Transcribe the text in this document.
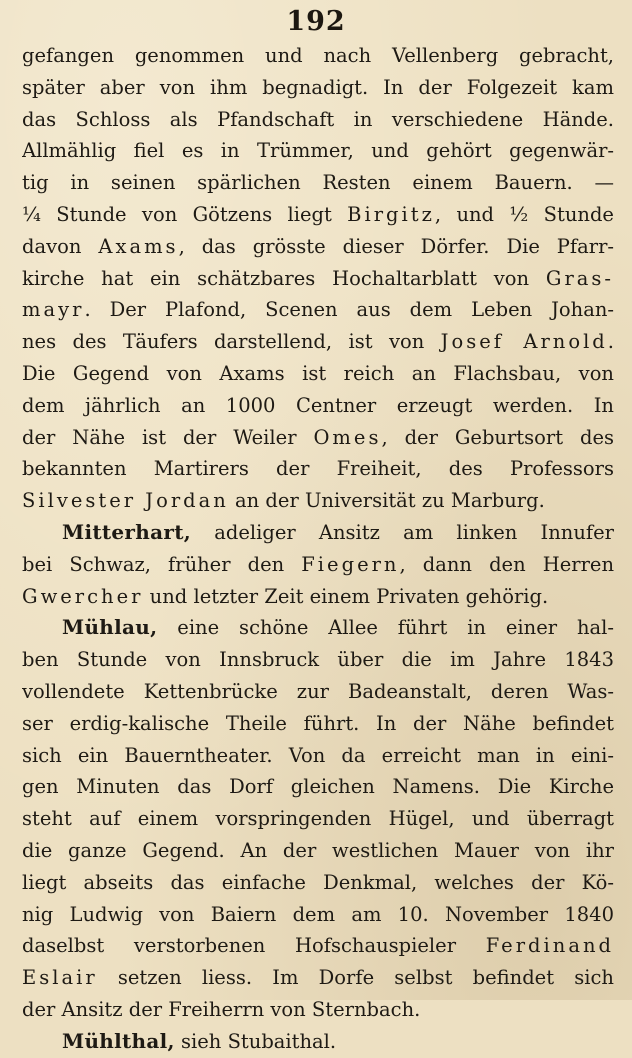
192
gefangen genommen und nach Vellenberg gebracht,
später aber von ihm begnadigt. In der Folgezeit kam
das Schloss als Pfandschaft in verschiedene Hände.
Allmählig fiel es in Trümmer, und gehört gegenwär-
tig in seinen spärlichen Resten einem Bauern. —
¼ Stunde von Götzens liegt Birgitz, und ½ Stunde
davon Axams, das grösste dieser Dörfer. Die Pfarr-
kirche hat ein schätzbares Hochaltarblatt von Gras-
mayr. Der Plafond, Scenen aus dem Leben Johan-
nes des Täufers darstellend, ist von Josef Arnold.
Die Gegend von Axams ist reich an Flachsbau, von
dem jährlich an 1000 Centner erzeugt werden. In
der Nähe ist der Weiler Omes, der Geburtsort des
bekannten Martirers der Freiheit, des Professors
Silvester Jordan an der Universität zu Marburg.
Mitterhart, adeliger Ansitz am linken Innufer
bei Schwaz, früher den Fiegern, dann den Herren
Gwercher und letzter Zeit einem Privaten gehörig.
Mühlau, eine schöne Allee führt in einer hal-
ben Stunde von Innsbruck über die im Jahre 1843
vollendete Kettenbrücke zur Badeanstalt, deren Was-
ser erdig-kalische Theile führt. In der Nähe befindet
sich ein Bauerntheater. Von da erreicht man in eini-
gen Minuten das Dorf gleichen Namens. Die Kirche
steht auf einem vorspringenden Hügel, und überragt
die ganze Gegend. An der westlichen Mauer von ihr
liegt abseits das einfache Denkmal, welches der Kö-
nig Ludwig von Baiern dem am 10. November 1840
daselbst verstorbenen Hofschauspieler Ferdinand
Eslair setzen liess. Im Dorfe selbst befindet sich
der Ansitz der Freiherrn von Sternbach.
Mühlthal, sieh Stubaithal.
